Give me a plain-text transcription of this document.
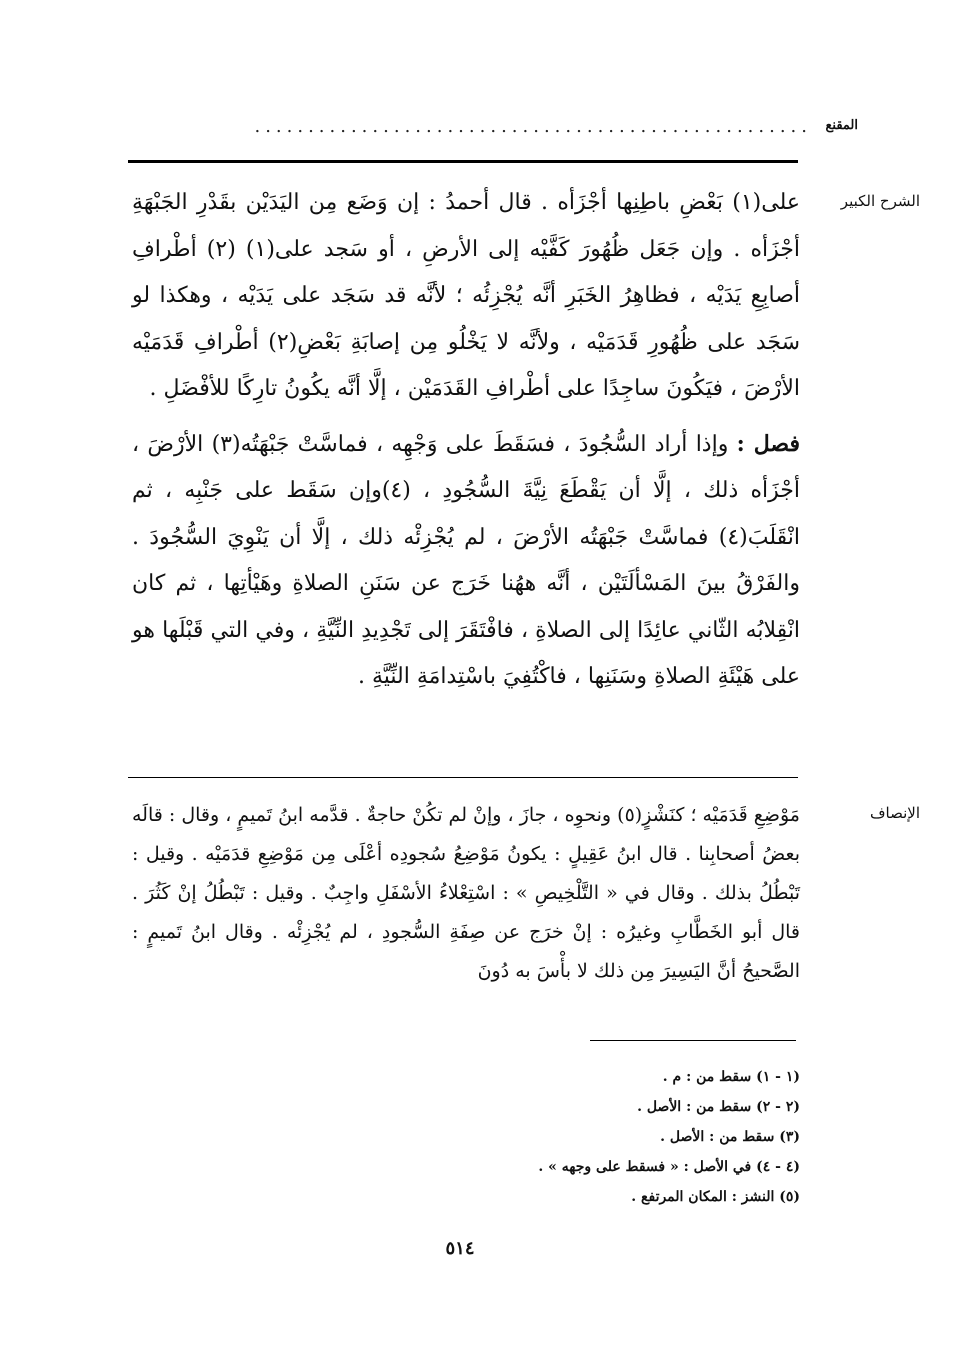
المقنع
....................................................
الشرح الكبير

على(١) بَعْضِ باطِنِها أجْزَأه . قال أحمدُ : إن وَضَع مِن اليَدَيْن بقَدْرِ الجَبْهَةِ أجْزَأه . وإن جَعَل ظُهُورَ كَفَّيْه إلى الأرضِ ، أو سَجد على(١) (٢) أطْرافِ أصابِعِ يَدَيْه ، فظاهِرُ الخَبَرِ أنَّه يُجْزِئُه ؛ لأنَّه قد سَجَد على يَدَيْه ، وهكذا لو سَجَد على ظُهُورِ قَدَمَيْه ، ولأنَّه لا يَخْلُو مِن إصابَةِ بَعْضِ(٢) أطْرافِ قَدَمَيْه الأرْضَ ، فيَكُونَ ساجِدًا على أطْرافِ القَدَمَيْن ، إلَّا أنَّه يكُونُ تارِكًا للأفْضَلِ .

فصل : وإذا أراد السُّجُودَ ، فسَقَطَ على وَجْهِه ، فماسَّتْ جَبْهَتُه(٣) الأرْضَ ، أجْزَأه ذلك ، إلَّا أن يَقْطَعَ نِيَّةَ السُّجُودِ ، (٤)وإن سَقَط على جَنْبِه ، ثم انْقَلَبَ(٤) فماسَّتْ جَبْهَتُه الأرْضَ ، لم يُجْزِئْه ذلك ، إلَّا أن يَنْوِيَ السُّجُودَ . والفَرْقُ بينَ المَسْألَتَيْن ، أنَّه ههُنا خَرَج عن سَنَنِ الصلاةِ وهَيْأتِها ، ثم كان انْقِلابُه الثّاني عائِدًا إلى الصلاةِ ، فافْتَقَرَ إلى تَجْدِيدِ النِّيَّةِ ، وفي التي قَبْلَها هو على هَيْئَةِ الصلاةِ وسَنَنِها ، فاكْتُفِيَ باسْتِدامَةِ النِّيَّةِ .

الإنصاف

مَوْضِعِ قَدَمَيْه ؛ كنَشْزٍ(٥) ونحوِه ، جازَ ، وإنْ لم تكُنْ حاجةٌ . قدَّمه ابنُ تَميمٍ ، وقال : قالَه بعضُ أصحابِنا . قال ابنُ عَقِيلٍ : يكونُ مَوْضِعُ سُجودِه أعْلَى مِن مَوْضِعِ قدَمَيْه . وقيل : تَبْطُلُ بذلك . وقال في « التَّلْخِيصِ » : اسْتِعْلاءُ الأسْفَلِ واجِبٌ . وقيل : تَبْطُلُ إنْ كَثُرَ . قال أبو الخَطَّابِ وغيرُه : إنْ خرَج عن صِفَةِ السُّجودِ ، لم يُجْزِئْه . وقال ابنُ تَميمٍ : الصَّحيحُ أنَّ اليَسِيرَ مِن ذلك لا بأْسَ به دُونَ

(١ - ١) سقط من : م .
(٢ - ٢) سقط من : الأصل .
(٣) سقط من : الأصل .
(٤ - ٤) في الأصل : « فسقط على وجهه » .
(٥) النشز : المكان المرتفع .
٥١٤
